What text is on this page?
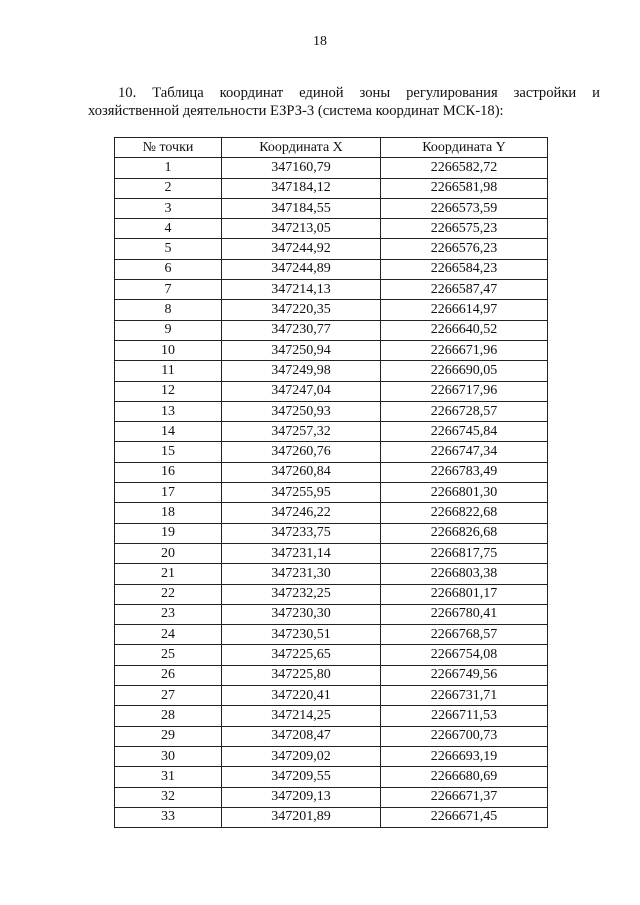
18
10. Таблица координат единой зоны регулирования застройки и хозяйственной деятельности ЕЗРЗ-3 (система координат МСК-18):
№ точки	Координата X	Координата Y
1	347160,79	2266582,72
2	347184,12	2266581,98
3	347184,55	2266573,59
4	347213,05	2266575,23
5	347244,92	2266576,23
6	347244,89	2266584,23
7	347214,13	2266587,47
8	347220,35	2266614,97
9	347230,77	2266640,52
10	347250,94	2266671,96
11	347249,98	2266690,05
12	347247,04	2266717,96
13	347250,93	2266728,57
14	347257,32	2266745,84
15	347260,76	2266747,34
16	347260,84	2266783,49
17	347255,95	2266801,30
18	347246,22	2266822,68
19	347233,75	2266826,68
20	347231,14	2266817,75
21	347231,30	2266803,38
22	347232,25	2266801,17
23	347230,30	2266780,41
24	347230,51	2266768,57
25	347225,65	2266754,08
26	347225,80	2266749,56
27	347220,41	2266731,71
28	347214,25	2266711,53
29	347208,47	2266700,73
30	347209,02	2266693,19
31	347209,55	2266680,69
32	347209,13	2266671,37
33	347201,89	2266671,45
